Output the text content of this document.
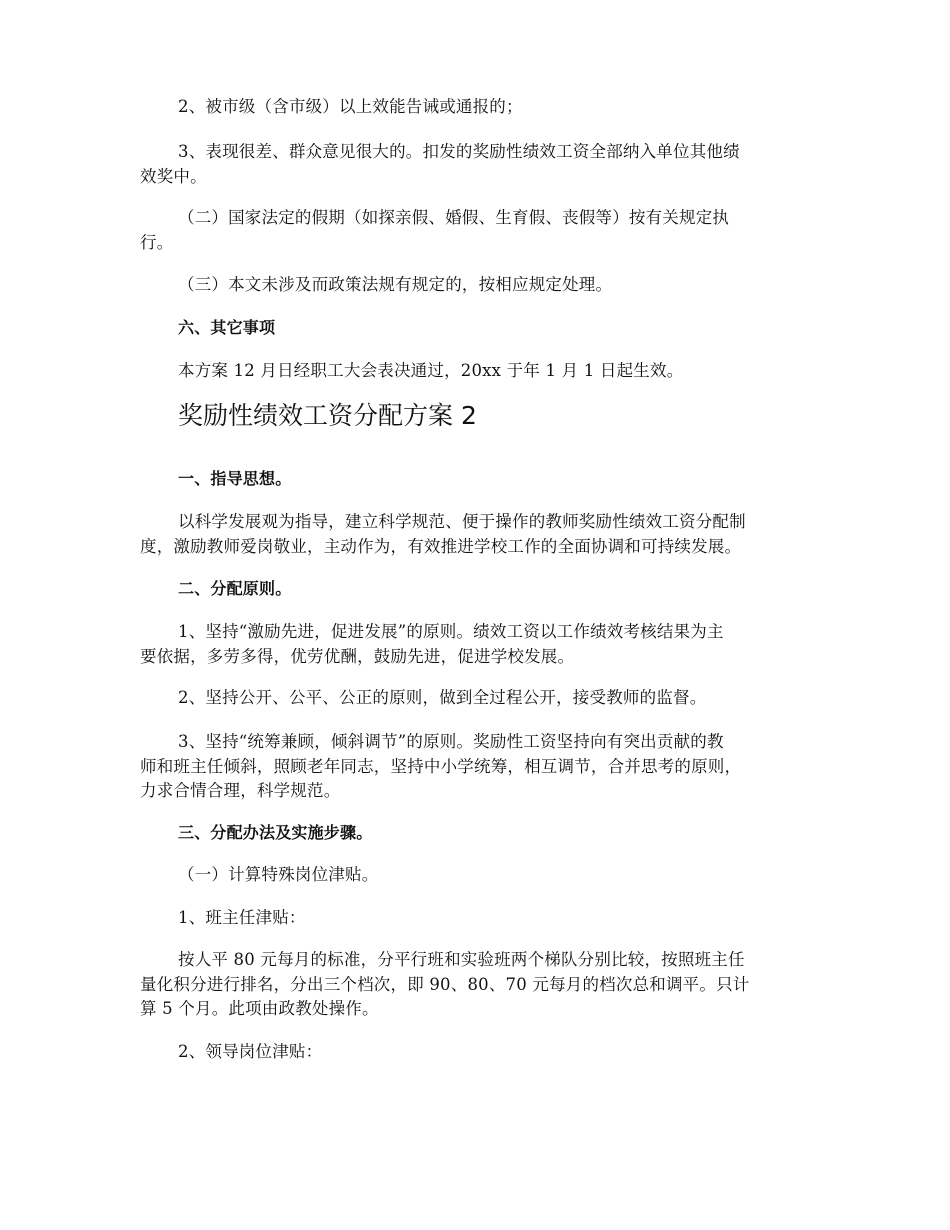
2、被市级（含市级）以上效能告诫或通报的；
3、表现很差、群众意见很大的。扣发的奖励性绩效工资全部纳入单位其他绩
效奖中。
（二）国家法定的假期（如探亲假、婚假、生育假、丧假等）按有关规定执
行。
（三）本文未涉及而政策法规有规定的，按相应规定处理。
六、其它事项
本方案 12 月日经职工大会表决通过，20xx 于年 1 月 1 日起生效。
奖励性绩效工资分配方案 2
一、指导思想。
以科学发展观为指导，建立科学规范、便于操作的教师奖励性绩效工资分配制
度，激励教师爱岗敬业，主动作为，有效推进学校工作的全面协调和可持续发展。
二、分配原则。
1、坚持“激励先进，促进发展”的原则。绩效工资以工作绩效考核结果为主
要依据，多劳多得，优劳优酬，鼓励先进，促进学校发展。
2、坚持公开、公平、公正的原则，做到全过程公开，接受教师的监督。
3、坚持“统筹兼顾，倾斜调节”的原则。奖励性工资坚持向有突出贡献的教
师和班主任倾斜，照顾老年同志，坚持中小学统筹，相互调节，合并思考的原则，
力求合情合理，科学规范。
三、分配办法及实施步骤。
（一）计算特殊岗位津贴。
1、班主任津贴：
按人平 80 元每月的标准，分平行班和实验班两个梯队分别比较，按照班主任
量化积分进行排名，分出三个档次，即 90、80、70 元每月的档次总和调平。只计
算 5 个月。此项由政教处操作。
2、领导岗位津贴：
